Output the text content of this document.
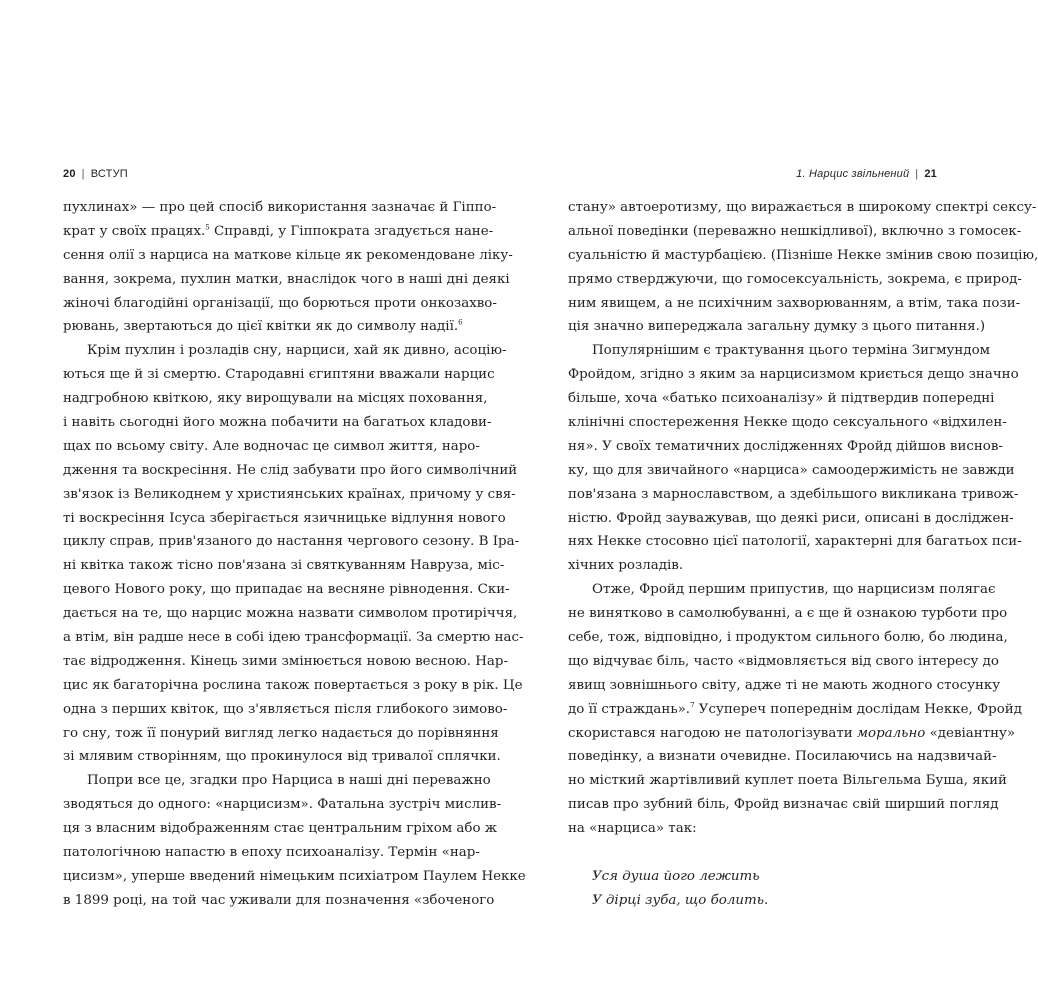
20 | ВСТУП	1. Нарцис звільнений | 21
пухлинах» — про цей спосіб використання зазначає й Гіппо-
крат у своїх працях.$^5$ Справді, у Гіппократа згадується нане-
сення олії з нарциса на маткове кільце як рекомендоване ліку-
вання, зокрема, пухлин матки, внаслідок чого в наші дні деякі
жіночі благодійні організації, що борються проти онкозахво-
рювань, звертаються до цієї квітки як до символу надії.$^6$
Крім пухлин і розладів сну, нарциси, хай як дивно, асоцію-
ються ще й зі смертю. Стародавні єгиптяни вважали нарцис
надгробною квіткою, яку вирощували на місцях поховання,
і навіть сьогодні його можна побачити на багатьох кладови-
щах по всьому світу. Але водночас це символ життя, наро-
дження та воскресіння. Не слід забувати про його символічний
зв'язок із Великоднем у християнських країнах, причому у свя-
ті воскресіння Ісуса зберігається язичницьке відлуння нового
циклу справ, прив'язаного до настання чергового сезону. В Іра-
ні квітка також тісно пов'язана зі святкуванням Навруза, міс-
цевого Нового року, що припадає на весняне рівнодення. Ски-
дається на те, що нарцис можна назвати символом протиріччя,
а втім, він радше несе в собі ідею трансформації. За смертю нас-
тає відродження. Кінець зими змінюється новою весною. Нар-
цис як багаторічна рослина також повертається з року в рік. Це
одна з перших квіток, що з'являється після глибокого зимово-
го сну, тож її понурий вигляд легко надається до порівняння
зі млявим створінням, що прокинулося від тривалої сплячки.
Попри все це, згадки про Нарциса в наші дні переважно
зводяться до одного: «нарцисизм». Фатальна зустріч мислив-
ця з власним відображенням стає центральним гріхом або ж
патологічною напастю в епоху психоаналізу. Термін «нар-
цисизм», уперше введений німецьким психіатром Паулем Некке
в 1899 році, на той час уживали для позначення «збоченого
стану» автоеротизму, що виражається в широкому спектрі сексу-
альної поведінки (переважно нешкідливої), включно з гомосек-
суальністю й мастурбацією. (Пізніше Некке змінив свою позицію,
прямо стверджуючи, що гомосексуальність, зокрема, є природ-
ним явищем, а не психічним захворюванням, а втім, така пози-
ція значно випереджала загальну думку з цього питання.)
Популярнішим є трактування цього терміна Зигмундом
Фройдом, згідно з яким за нарцисизмом криється дещо значно
більше, хоча «батько психоаналізу» й підтвердив попередні
клінічні спостереження Некке щодо сексуального «відхилен-
ня». У своїх тематичних дослідженнях Фройд дійшов виснов-
ку, що для звичайного «нарциса» самоодержимість не завжди
пов'язана з марнославством, а здебільшого викликана тривож-
ністю. Фройд зауважував, що деякі риси, описані в досліджен-
нях Некке стосовно цієї патології, характерні для багатьох пси-
хічних розладів.
Отже, Фройд першим припустив, що нарцисизм полягає
не винятково в самолюбуванні, а є ще й ознакою турботи про
себе, тож, відповідно, і продуктом сильного болю, бо людина,
що відчуває біль, часто «відмовляється від свого інтересу до
явищ зовнішнього світу, адже ті не мають жодного стосунку
до її страждань».$^7$ Усупереч попереднім дослідам Некке, Фройд
скористався нагодою не патологізувати морально «девіантну»
поведінку, а визнати очевидне. Посилаючись на надзвичай-
но місткий жартівливий куплет поета Вільгельма Буша, який
писав про зубний біль, Фройд визначає свій ширший погляд
на «нарциса» так:
Уся душа його лежить
У дірці зуба, що болить.
